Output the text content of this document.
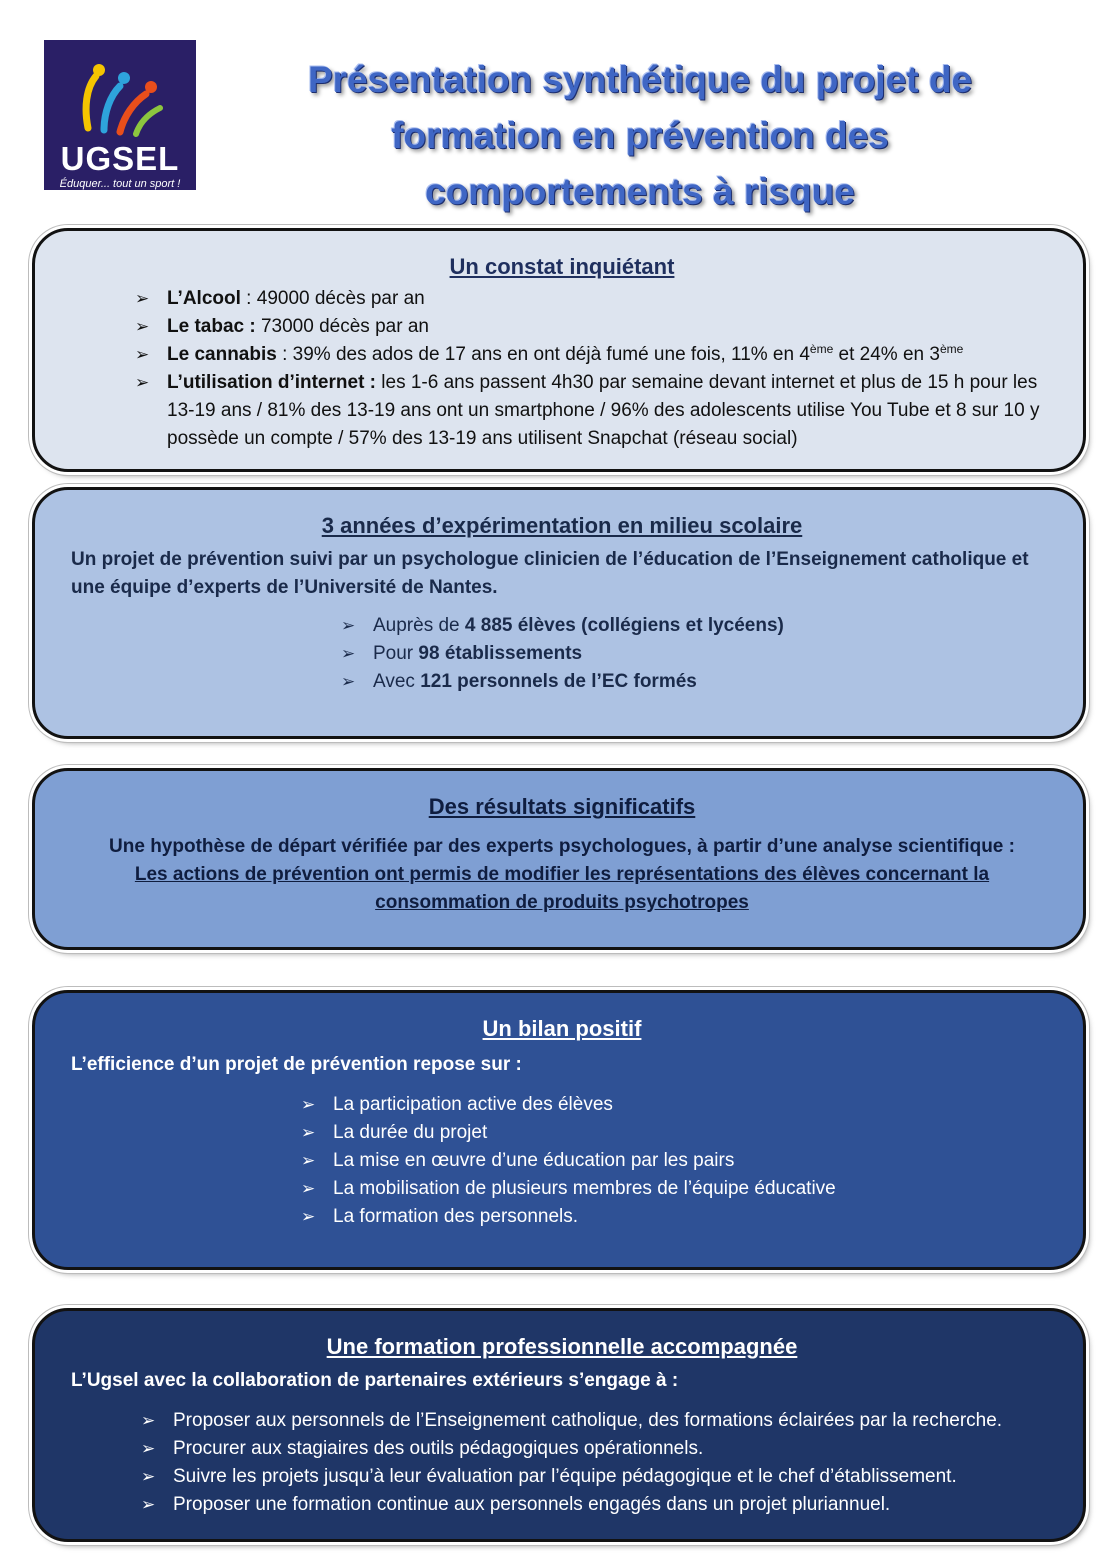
UGSEL
Éduquer... tout un sport !
Présentation synthétique du projet de
formation en prévention des
comportements à risque
Un constat inquiétant
➢ L’Alcool : 49000 décès par an
➢ Le tabac : 73000 décès par an
➢ Le cannabis : 39% des ados de 17 ans en ont déjà fumé une fois, 11% en 4ème et 24% en 3ème
➢ L’utilisation d’internet : les 1-6 ans passent 4h30 par semaine devant internet et plus de 15 h pour les 13-19 ans / 81% des 13-19 ans ont un smartphone / 96% des adolescents utilise You Tube et 8 sur 10 y possède un compte / 57% des 13-19 ans utilisent Snapchat (réseau social)
3 années d’expérimentation en milieu scolaire

Un projet de prévention suivi par un psychologue clinicien de l’éducation de l’Enseignement catholique et une équipe d’experts de l’Université de Nantes.

➢ Auprès de 4 885 élèves (collégiens et lycéens)
➢ Pour 98 établissements
➢ Avec 121 personnels de l’EC formés
Des résultats significatifs

Une hypothèse de départ vérifiée par des experts psychologues, à partir d’une analyse scientifique :

Les actions de prévention ont permis de modifier les représentations des élèves concernant la consommation de produits psychotropes

Un bilan positif

L’efficience d’un projet de prévention repose sur :

➢ La participation active des élèves
➢ La durée du projet
➢ La mise en œuvre d’une éducation par les pairs
➢ La mobilisation de plusieurs membres de l’équipe éducative
➢ La formation des personnels.
Une formation professionnelle accompagnée

L’Ugsel avec la collaboration de partenaires extérieurs s’engage à :

➢ Proposer aux personnels de l’Enseignement catholique, des formations éclairées par la recherche.
➢ Procurer aux stagiaires des outils pédagogiques opérationnels.
➢ Suivre les projets jusqu’à leur évaluation par l’équipe pédagogique et le chef d’établissement.
➢ Proposer une formation continue aux personnels engagés dans un projet pluriannuel.
